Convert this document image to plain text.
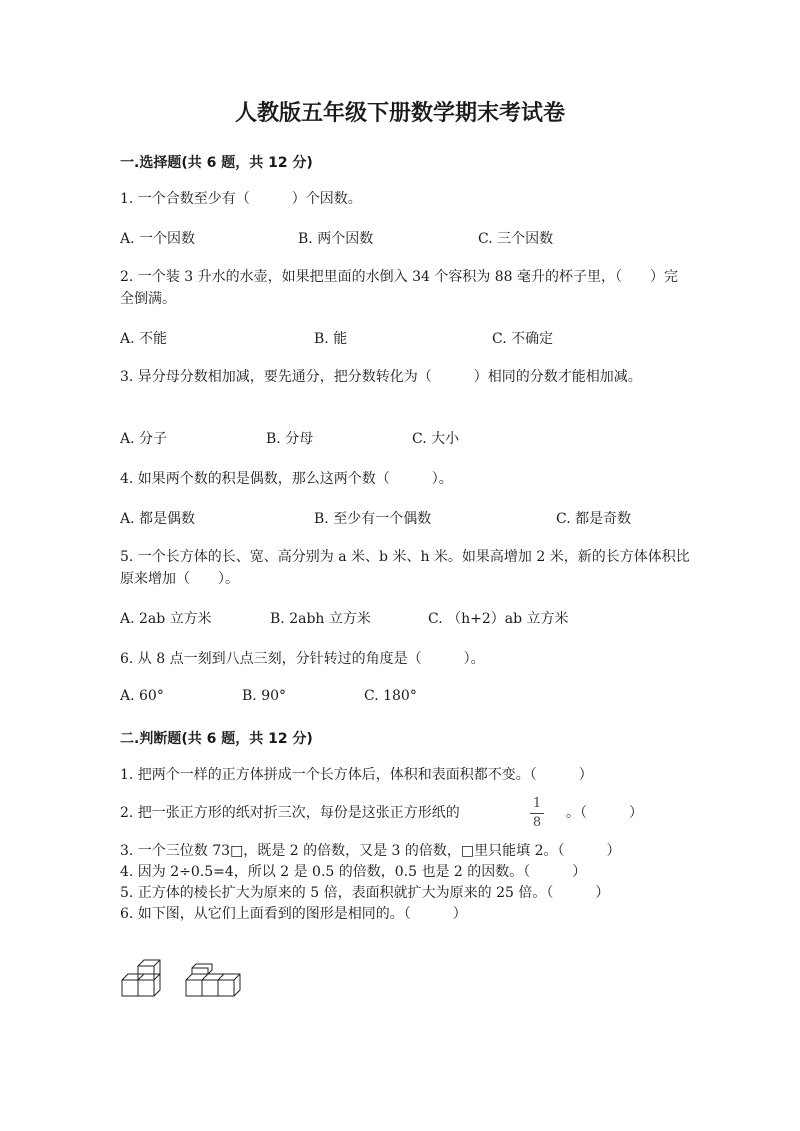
人教版五年级下册数学期末考试卷
一.选择题(共 6 题，共 12 分)
1. 一个合数至少有（　　　）个因数。
A. 一个因数	B. 两个因数	C. 三个因数
2. 一个装 3 升水的水壶，如果把里面的水倒入 34 个容积为 88 毫升的杯子里，（　　）完全倒满。
A. 不能	B. 能	C. 不确定
3. 异分母分数相加减，要先通分，把分数转化为（　　　）相同的分数才能相加减。
A. 分子	B. 分母	C. 大小
4. 如果两个数的积是偶数，那么这两个数（　　　）。
A. 都是偶数	B. 至少有一个偶数	C. 都是奇数
5. 一个长方体的长、宽、高分别为 a 米、b 米、h 米。如果高增加 2 米，新的长方体体积比原来增加（　　）。
A. 2ab 立方米	B. 2abh 立方米	C. （h+2）ab 立方米
6. 从 8 点一刻到八点三刻，分针转过的角度是（　　　）。
A. 60°	B. 90°	C. 180°
二.判断题(共 6 题，共 12 分)
1. 把两个一样的正方体拼成一个长方体后，体积和表面积都不变。（　　　）
2. 把一张正方形的纸对折三次，每份是这张正方形纸的
1
8
。（　　　）
3. 一个三位数 73□，既是 2 的倍数，又是 3 的倍数，□里只能填 2。（　　　）
4. 因为 2÷0.5=4，所以 2 是 0.5 的倍数，0.5 也是 2 的因数。（　　　）
5. 正方体的棱长扩大为原来的 5 倍，表面积就扩大为原来的 25 倍。（　　　）
6. 如下图，从它们上面看到的图形是相同的。（　　　）
